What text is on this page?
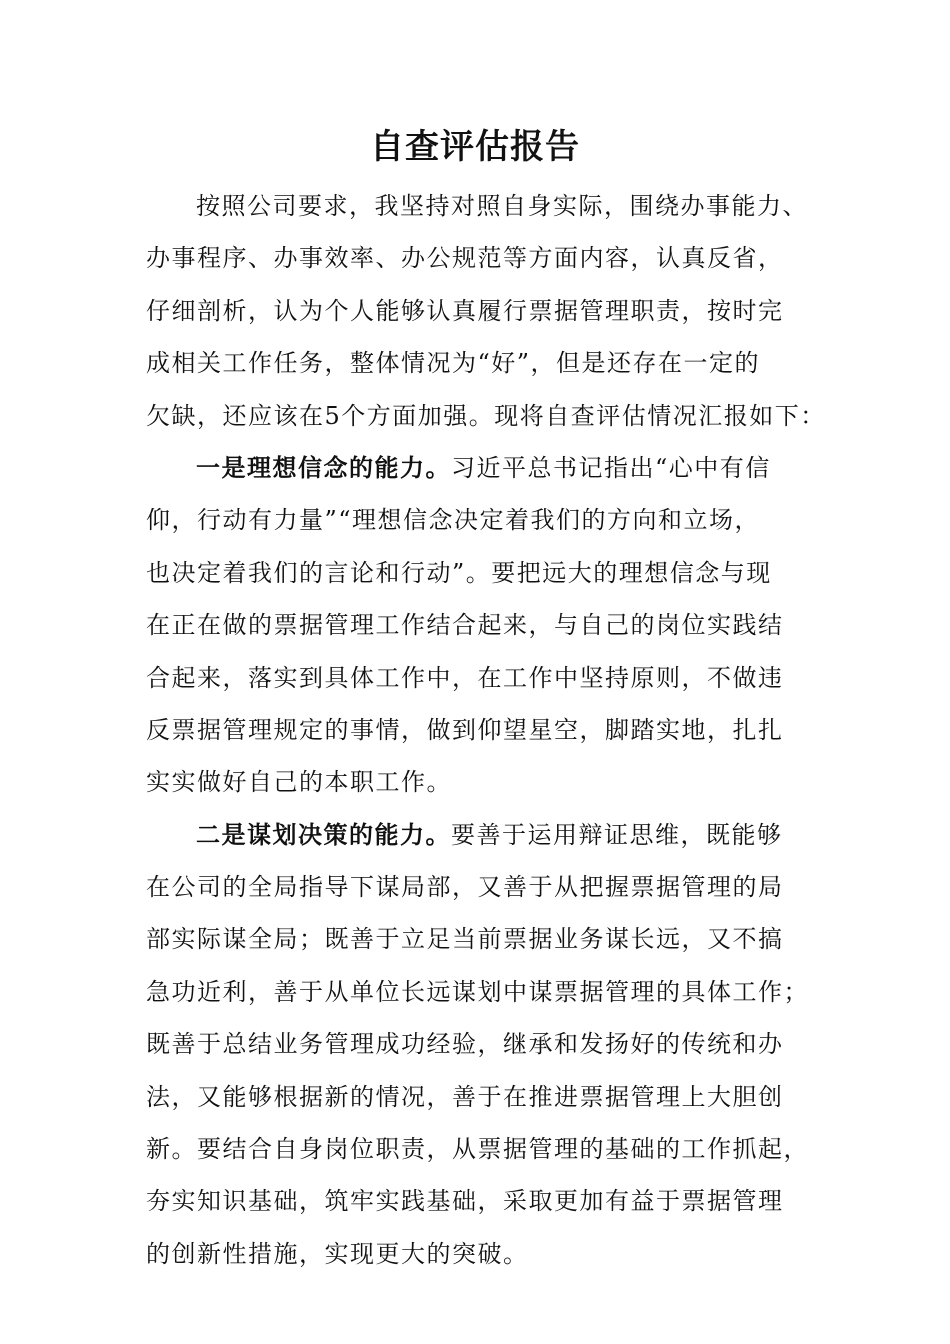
自查评估报告
按照公司要求，我坚持对照自身实际，围绕办事能力、
办事程序、办事效率、办公规范等方面内容，认真反省，
仔细剖析，认为个人能够认真履行票据管理职责，按时完
成相关工作任务，整体情况为“好”，但是还存在一定的
欠缺，还应该在5个方面加强。现将自查评估情况汇报如下：
一是理想信念的能力。习近平总书记指出“心中有信
仰，行动有力量”“理想信念决定着我们的方向和立场，
也决定着我们的言论和行动”。要把远大的理想信念与现
在正在做的票据管理工作结合起来，与自己的岗位实践结
合起来，落实到具体工作中，在工作中坚持原则，不做违
反票据管理规定的事情，做到仰望星空，脚踏实地，扎扎
实实做好自己的本职工作。
二是谋划决策的能力。要善于运用辩证思维，既能够
在公司的全局指导下谋局部，又善于从把握票据管理的局
部实际谋全局；既善于立足当前票据业务谋长远，又不搞
急功近利，善于从单位长远谋划中谋票据管理的具体工作；
既善于总结业务管理成功经验，继承和发扬好的传统和办
法，又能够根据新的情况，善于在推进票据管理上大胆创
新。要结合自身岗位职责，从票据管理的基础的工作抓起，
夯实知识基础，筑牢实践基础，采取更加有益于票据管理
的创新性措施，实现更大的突破。
